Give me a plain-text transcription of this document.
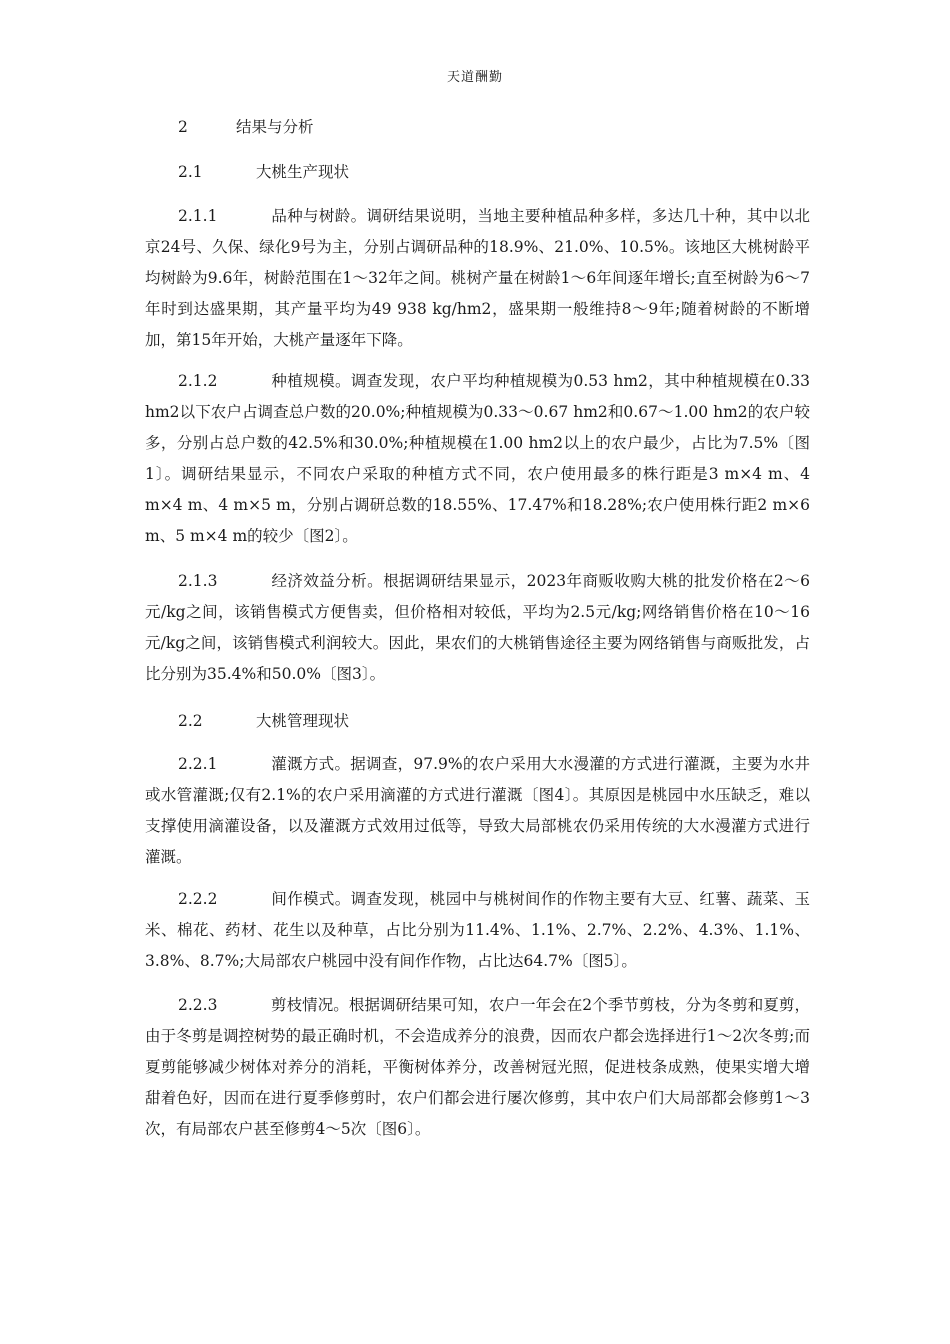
天道酬勤
2	结果与分析
2.1	大桃生产现状

2.1.1	品种与树龄。调研结果说明，当地主要种植品种多样，多达几十种，其中以北京24号、久保、绿化9号为主，分别占调研品种的18.9%、21.0%、10.5%。该地区大桃树龄平均树龄为9.6年，树龄范围在1～32年之间。桃树产量在树龄1～6年间逐年增长;直至树龄为6～7年时到达盛果期，其产量平均为49 938 kg/hm2，盛果期一般维持8～9年;随着树龄的不断增加，第15年开始，大桃产量逐年下降。

2.1.2	种植规模。调查发现，农户平均种植规模为0.53 hm2，其中种植规模在0.33 hm2以下农户占调查总户数的20.0%;种植规模为0.33～0.67 hm2和0.67～1.00 hm2的农户较多，分别占总户数的42.5%和30.0%;种植规模在1.00 hm2以上的农户最少，占比为7.5%〔图1〕。调研结果显示，不同农户采取的种植方式不同，农户使用最多的株行距是3 m×4 m、4 m×4 m、4 m×5 m，分别占调研总数的18.55%、17.47%和18.28%;农户使用株行距2 m×6 m、5 m×4 m的较少〔图2〕。

2.1.3	经济效益分析。根据调研结果显示，2023年商贩收购大桃的批发价格在2～6元/kg之间，该销售模式方便售卖，但价格相对较低，平均为2.5元/kg;网络销售价格在10～16元/kg之间，该销售模式利润较大。因此，果农们的大桃销售途径主要为网络销售与商贩批发，占比分别为35.4%和50.0%〔图3〕。

2.2	大桃管理现状

2.2.1	灌溉方式。据调查，97.9%的农户采用大水漫灌的方式进行灌溉，主要为水井或水管灌溉;仅有2.1%的农户采用滴灌的方式进行灌溉〔图4〕。其原因是桃园中水压缺乏，难以支撑使用滴灌设备，以及灌溉方式效用过低等，导致大局部桃农仍采用传统的大水漫灌方式进行灌溉。

2.2.2	间作模式。调查发现，桃园中与桃树间作的作物主要有大豆、红薯、蔬菜、玉米、棉花、药材、花生以及种草，占比分别为11.4%、1.1%、2.7%、2.2%、4.3%、1.1%、3.8%、8.7%;大局部农户桃园中没有间作作物，占比达64.7%〔图5〕。

2.2.3	剪枝情况。根据调研结果可知，农户一年会在2个季节剪枝，分为冬剪和夏剪，由于冬剪是调控树势的最正确时机，不会造成养分的浪费，因而农户都会选择进行1～2次冬剪;而夏剪能够减少树体对养分的消耗，平衡树体养分，改善树冠光照，促进枝条成熟，使果实增大增甜着色好，因而在进行夏季修剪时，农户们都会进行屡次修剪，其中农户们大局部都会修剪1～3次，有局部农户甚至修剪4～5次〔图6〕。
